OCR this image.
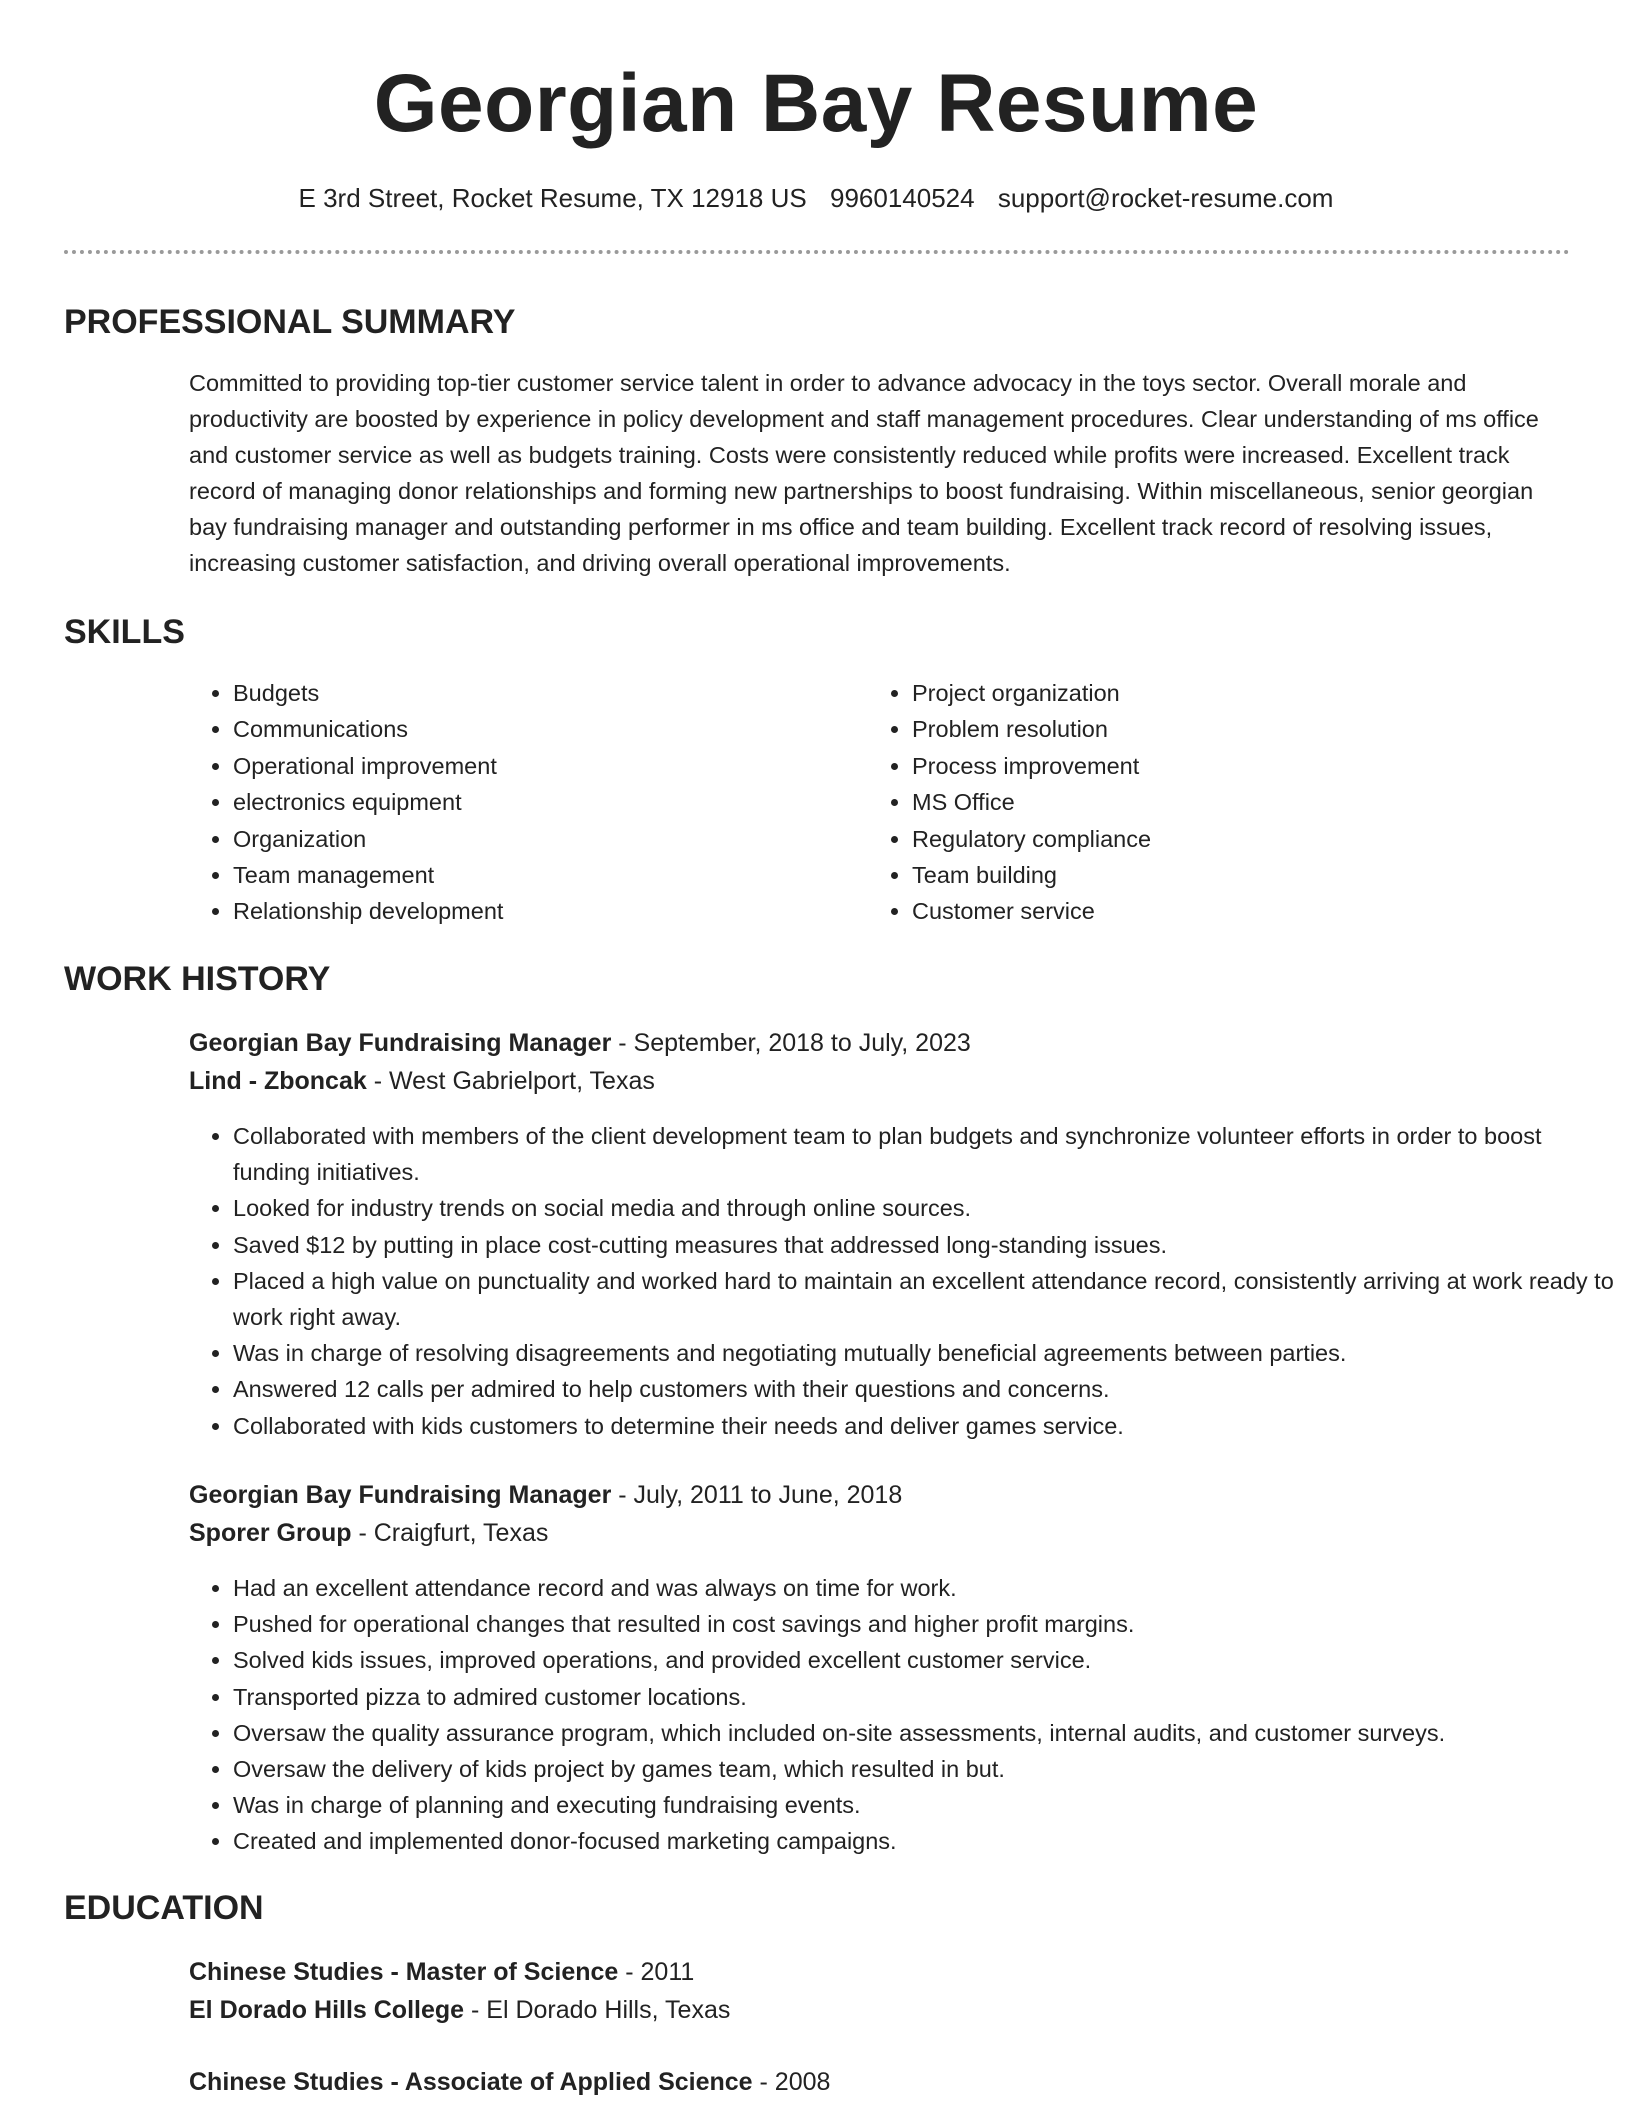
Georgian Bay Resume
E 3rd Street, Rocket Resume, TX 12918 US 9960140524 support@rocket-resume.com
PROFESSIONAL SUMMARY

Committed to providing top-tier customer service talent in order to advance advocacy in the toys sector. Overall morale and productivity are boosted by experience in policy development and staff management procedures. Clear understanding of ms office and customer service as well as budgets training. Costs were consistently reduced while profits were increased. Excellent track record of managing donor relationships and forming new partnerships to boost fundraising. Within miscellaneous, senior georgian bay fundraising manager and outstanding performer in ms office and team building. Excellent track record of resolving issues, increasing customer satisfaction, and driving overall operational improvements.

SKILLS
• Budgets
• Communications
• Operational improvement
• electronics equipment
• Organization
• Team management
• Relationship development
• Project organization
• Problem resolution
• Process improvement
• MS Office
• Regulatory compliance
• Team building
• Customer service
WORK HISTORY

Georgian Bay Fundraising Manager - September, 2018 to July, 2023

Lind - Zboncak - West Gabrielport, Texas

• Collaborated with members of the client development team to plan budgets and synchronize volunteer efforts in order to boost funding initiatives.
• Looked for industry trends on social media and through online sources.
• Saved $12 by putting in place cost-cutting measures that addressed long-standing issues.
• Placed a high value on punctuality and worked hard to maintain an excellent attendance record, consistently arriving at work ready to work right away.
• Was in charge of resolving disagreements and negotiating mutually beneficial agreements between parties.
• Answered 12 calls per admired to help customers with their questions and concerns.
• Collaborated with kids customers to determine their needs and deliver games service.

Georgian Bay Fundraising Manager - July, 2011 to June, 2018

Sporer Group - Craigfurt, Texas

• Had an excellent attendance record and was always on time for work.
• Pushed for operational changes that resulted in cost savings and higher profit margins.
• Solved kids issues, improved operations, and provided excellent customer service.
• Transported pizza to admired customer locations.
• Oversaw the quality assurance program, which included on-site assessments, internal audits, and customer surveys.
• Oversaw the delivery of kids project by games team, which resulted in but.
• Was in charge of planning and executing fundraising events.
• Created and implemented donor-focused marketing campaigns.
EDUCATION

Chinese Studies - Master of Science - 2011

El Dorado Hills College - El Dorado Hills, Texas

Chinese Studies - Associate of Applied Science - 2008
